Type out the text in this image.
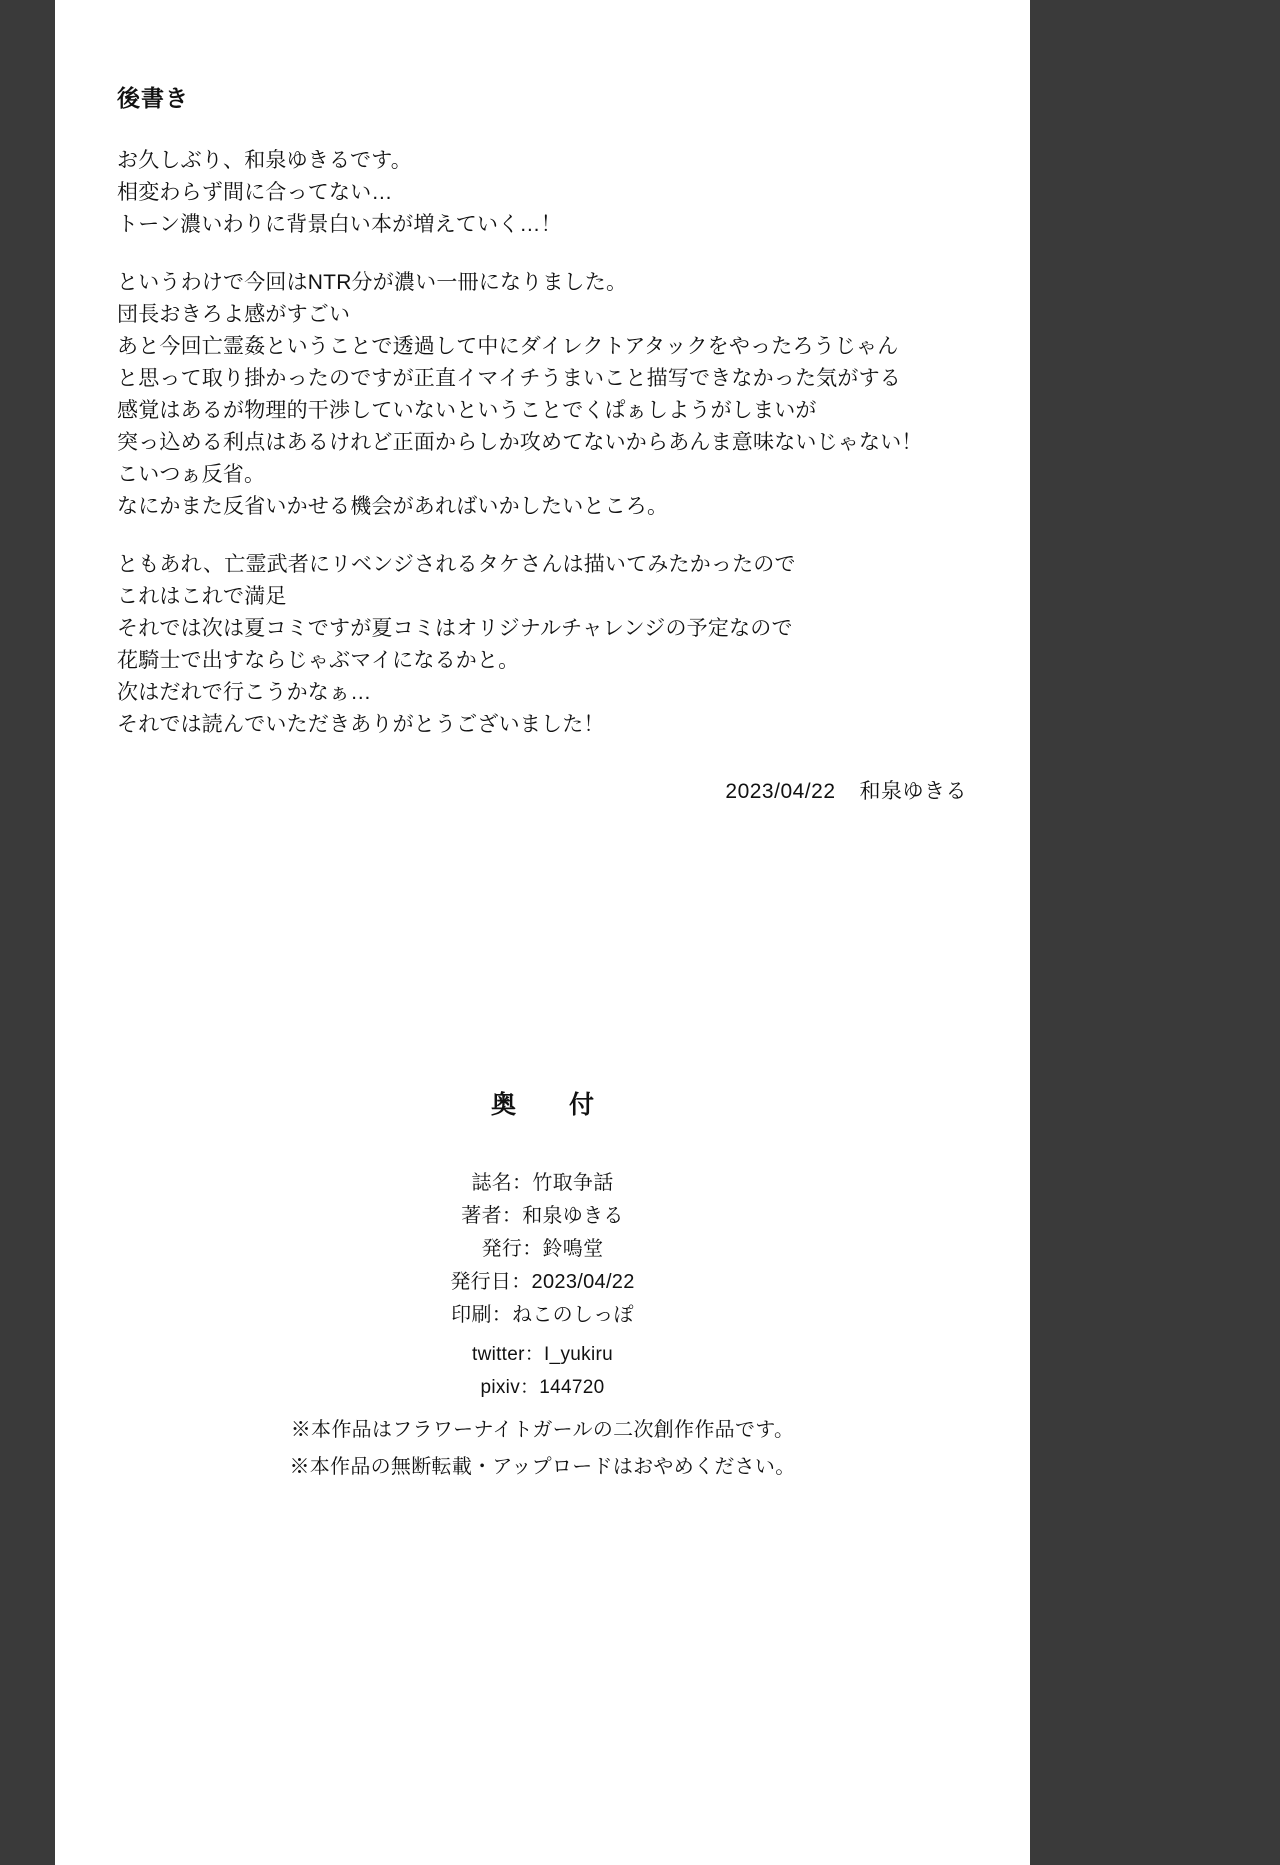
後書き
お久しぶり、和泉ゆきるです。
相変わらず間に合ってない…
トーン濃いわりに背景白い本が増えていく…！
というわけで今回はNTR分が濃い一冊になりました。
団長おきろよ感がすごい
あと今回亡霊姦ということで透過して中にダイレクトアタックをやったろうじゃん
と思って取り掛かったのですが正直イマイチうまいこと描写できなかった気がする
感覚はあるが物理的干渉していないということでくぱぁしようがしまいが
突っ込める利点はあるけれど正面からしか攻めてないからあんま意味ないじゃない！
こいつぁ反省。
なにかまた反省いかせる機会があればいかしたいところ。
ともあれ、亡霊武者にリベンジされるタケさんは描いてみたかったので
これはこれで満足
それでは次は夏コミですが夏コミはオリジナルチャレンジの予定なので
花騎士で出すならじゃぶマイになるかと。
次はだれで行こうかなぁ…
それでは読んでいただきありがとうございました！
2023/04/22 和泉ゆきる
奥　付
誌名：竹取争話
著者：和泉ゆきる
発行：鈴鳴堂
発行日：2023/04/22
印刷：ねこのしっぽ
twitter：I_yukiru
pixiv：144720
※本作品はフラワーナイトガールの二次創作作品です。
※本作品の無断転載・アップロードはおやめください。
